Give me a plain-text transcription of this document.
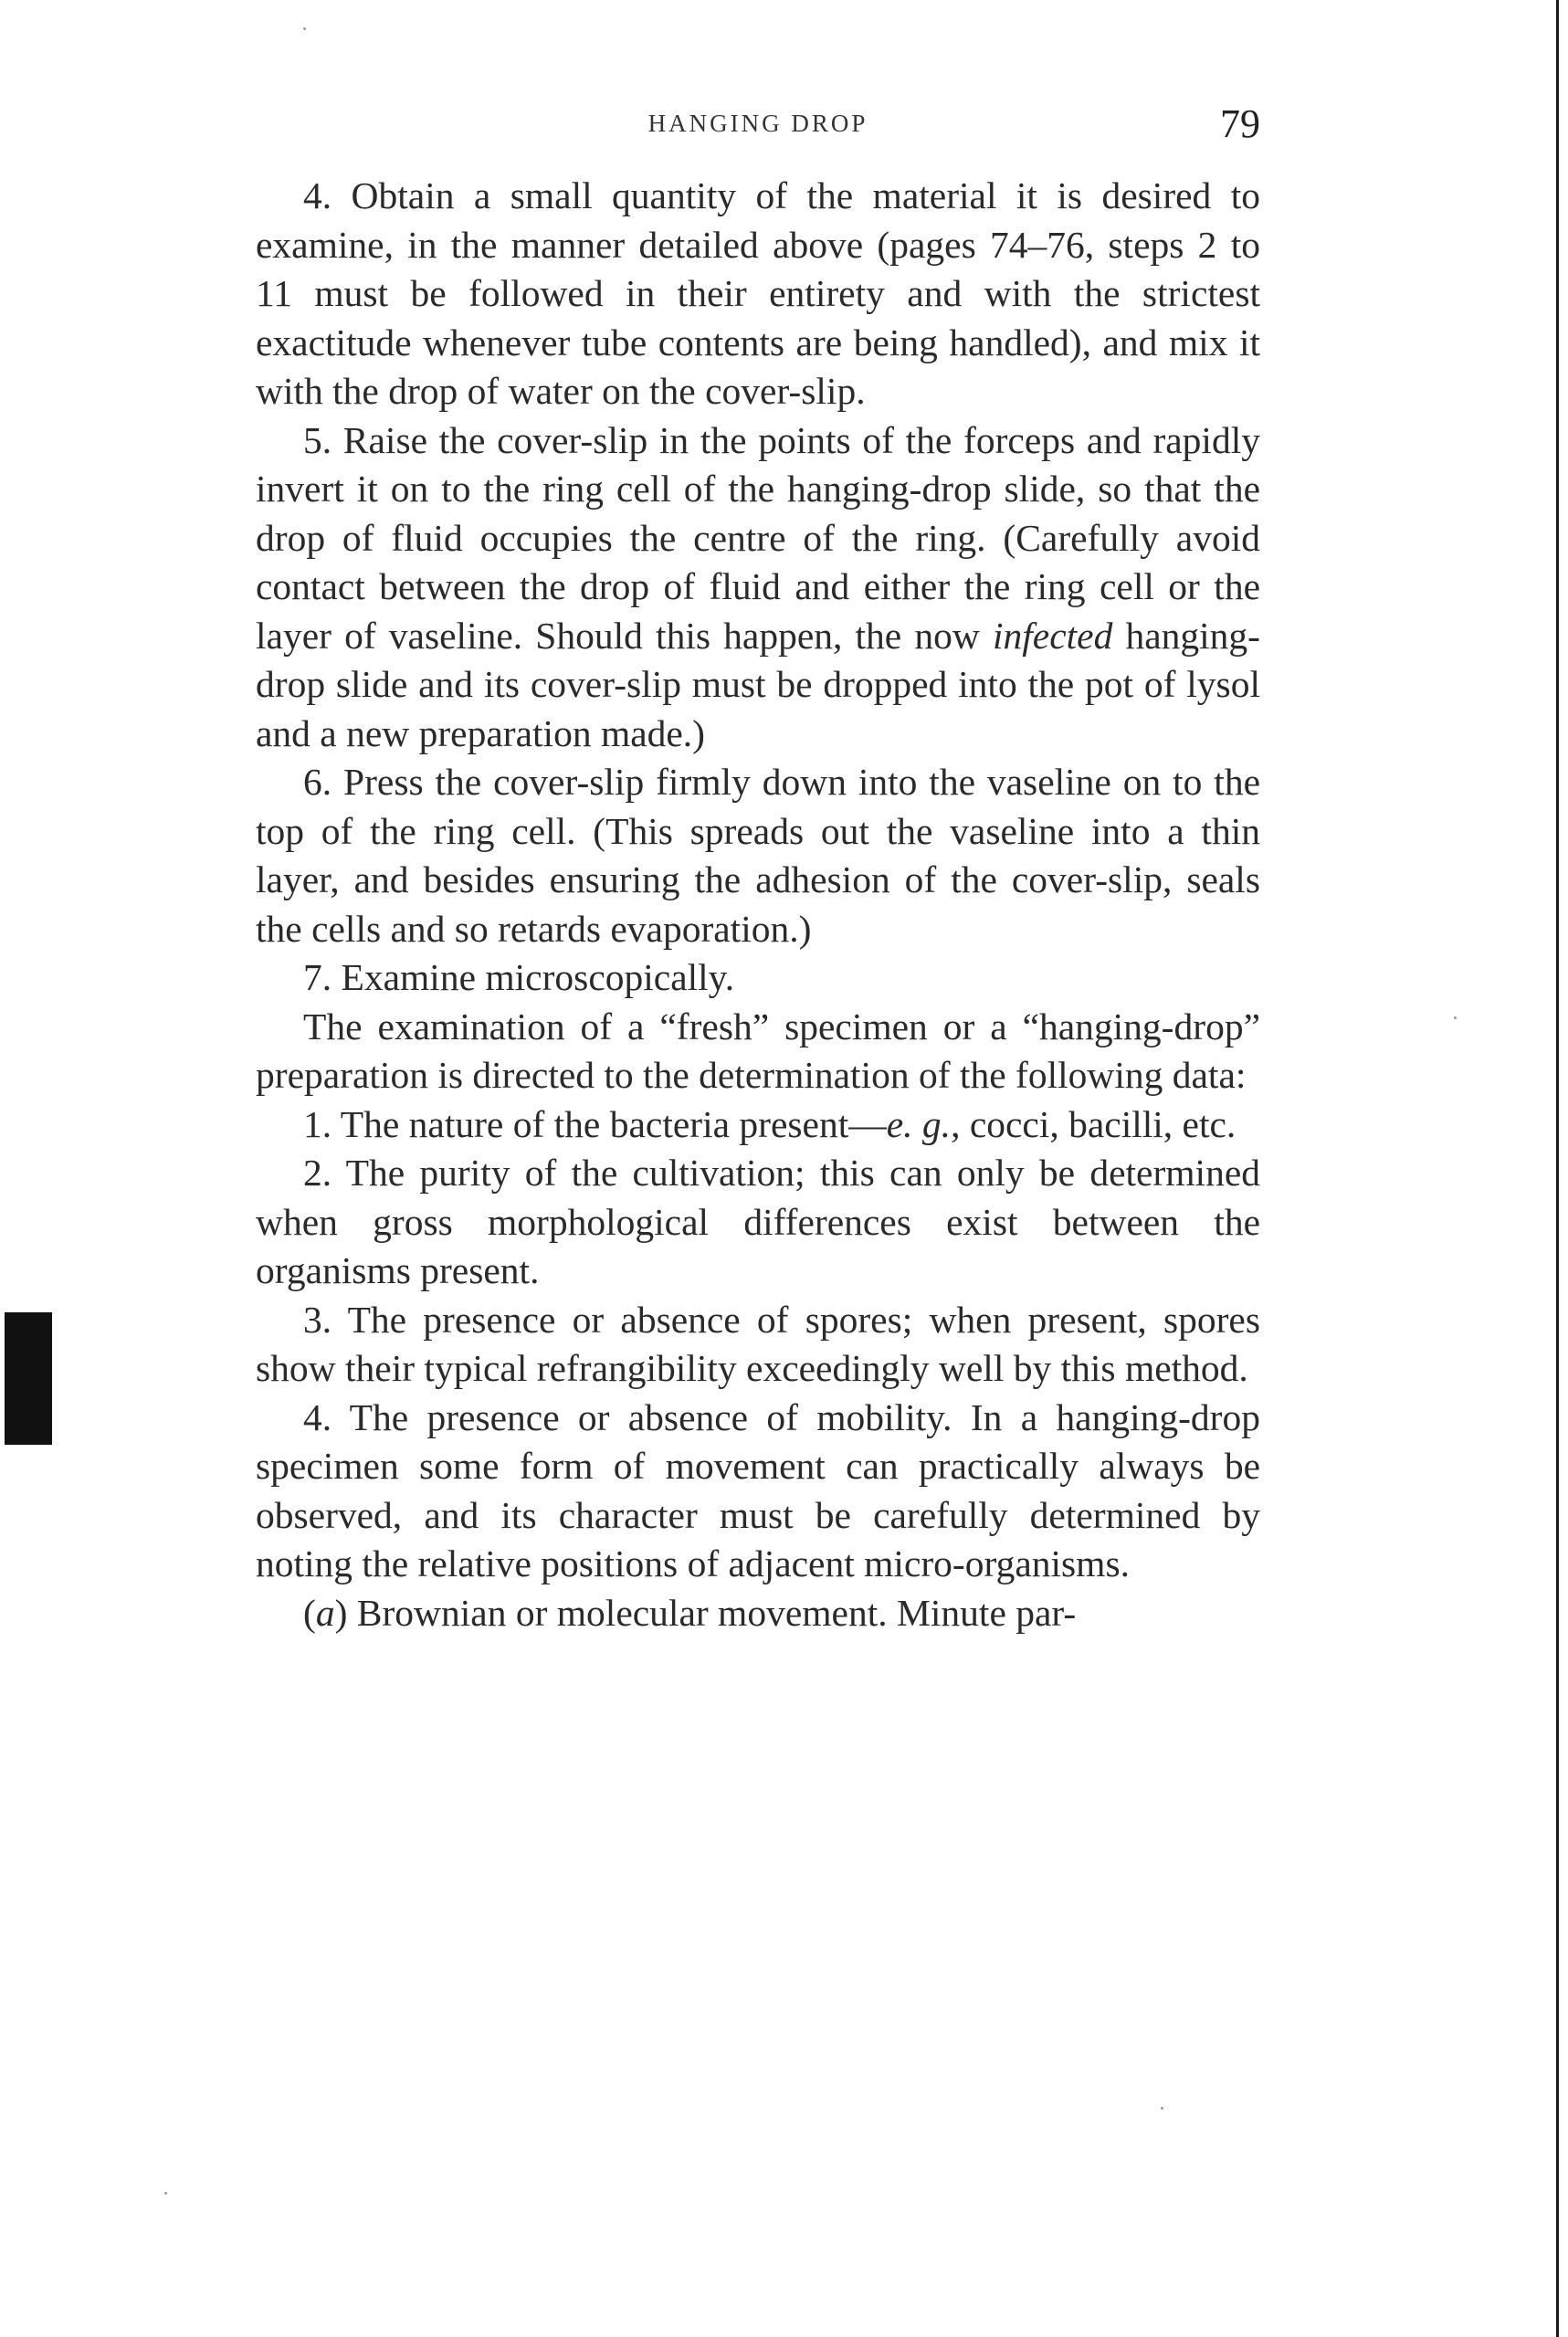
HANGING DROP	79

4. Obtain a small quantity of the material it is desired to examine, in the manner detailed above (pages 74–76, steps 2 to 11 must be followed in their entirety and with the strictest exactitude whenever tube contents are being handled), and mix it with the drop of water on the cover-slip.

5. Raise the cover-slip in the points of the forceps and rapidly invert it on to the ring cell of the hanging-drop slide, so that the drop of fluid occupies the centre of the ring. (Carefully avoid contact between the drop of fluid and either the ring cell or the layer of vaseline. Should this happen, the now infected hanging-drop slide and its cover-slip must be dropped into the pot of lysol and a new preparation made.)

6. Press the cover-slip firmly down into the vaseline on to the top of the ring cell. (This spreads out the vaseline into a thin layer, and besides ensuring the adhesion of the cover-slip, seals the cells and so retards evaporation.)

7. Examine microscopically.

The examination of a “fresh” specimen or a “hanging-drop” preparation is directed to the determination of the following data:

1. The nature of the bacteria present—e. g., cocci, bacilli, etc.

2. The purity of the cultivation; this can only be determined when gross morphological differences exist between the organisms present.

3. The presence or absence of spores; when present, spores show their typical refrangibility exceedingly well by this method.

4. The presence or absence of mobility. In a hanging-drop specimen some form of movement can practically always be observed, and its character must be carefully determined by noting the relative positions of adjacent micro-organisms.

(a) Brownian or molecular movement. Minute par-
